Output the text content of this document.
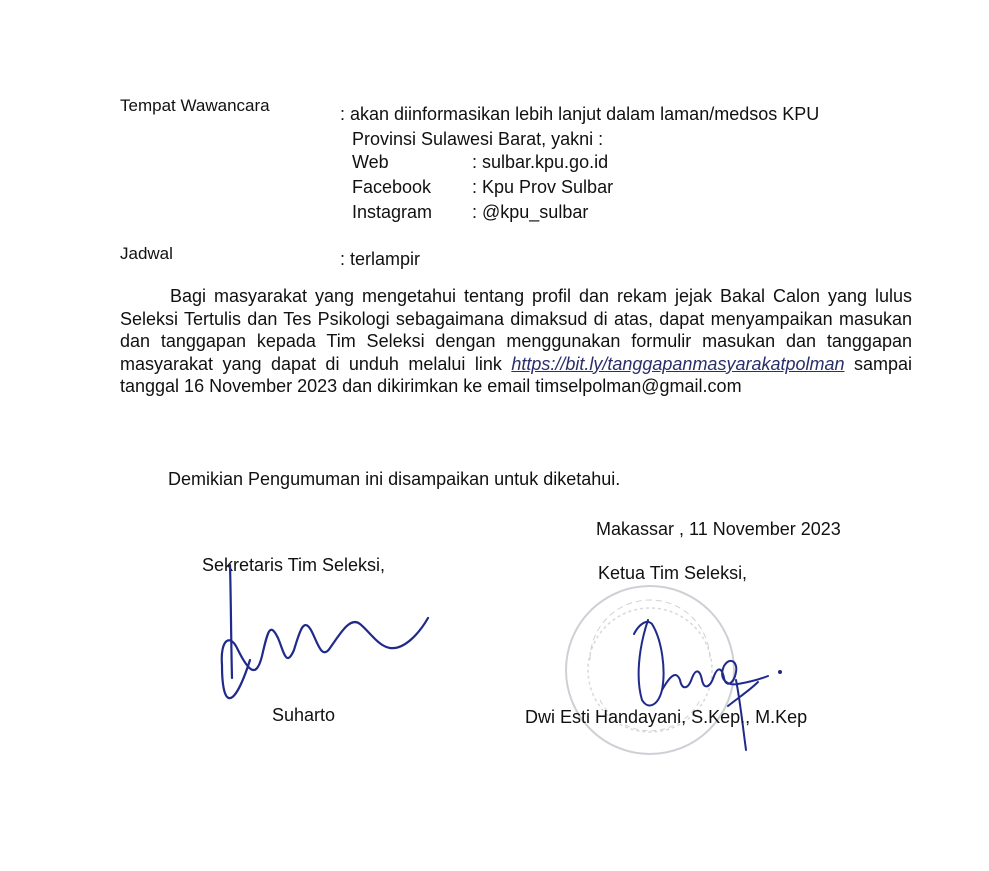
Tempat Wawancara	: akan diinformasikan lebih lanjut dalam laman/medsos KPU
Provinsi Sulawesi Barat, yakni :
Web	: sulbar.kpu.go.id
Facebook : Kpu Prov Sulbar
Instagram : @kpu_sulbar
Jadwal	: terlampir
Bagi masyarakat yang mengetahui tentang profil dan rekam jejak Bakal Calon yang lulus Seleksi Tertulis dan Tes Psikologi sebagaimana dimaksud di atas, dapat menyampaikan masukan dan tanggapan kepada Tim Seleksi dengan menggunakan formulir masukan dan tanggapan masyarakat yang dapat di unduh melalui link https://bit.ly/tanggapanmasyarakatpolman sampai tanggal 16 November 2023 dan dikirimkan ke email timselpolman@gmail.com
Demikian Pengumuman ini disampaikan untuk diketahui.
Makassar , 11 November 2023
Sekretaris Tim Seleksi,
Suharto
Ketua Tim Seleksi,
Dwi Esti Handayani, S.Kep., M.Kep
